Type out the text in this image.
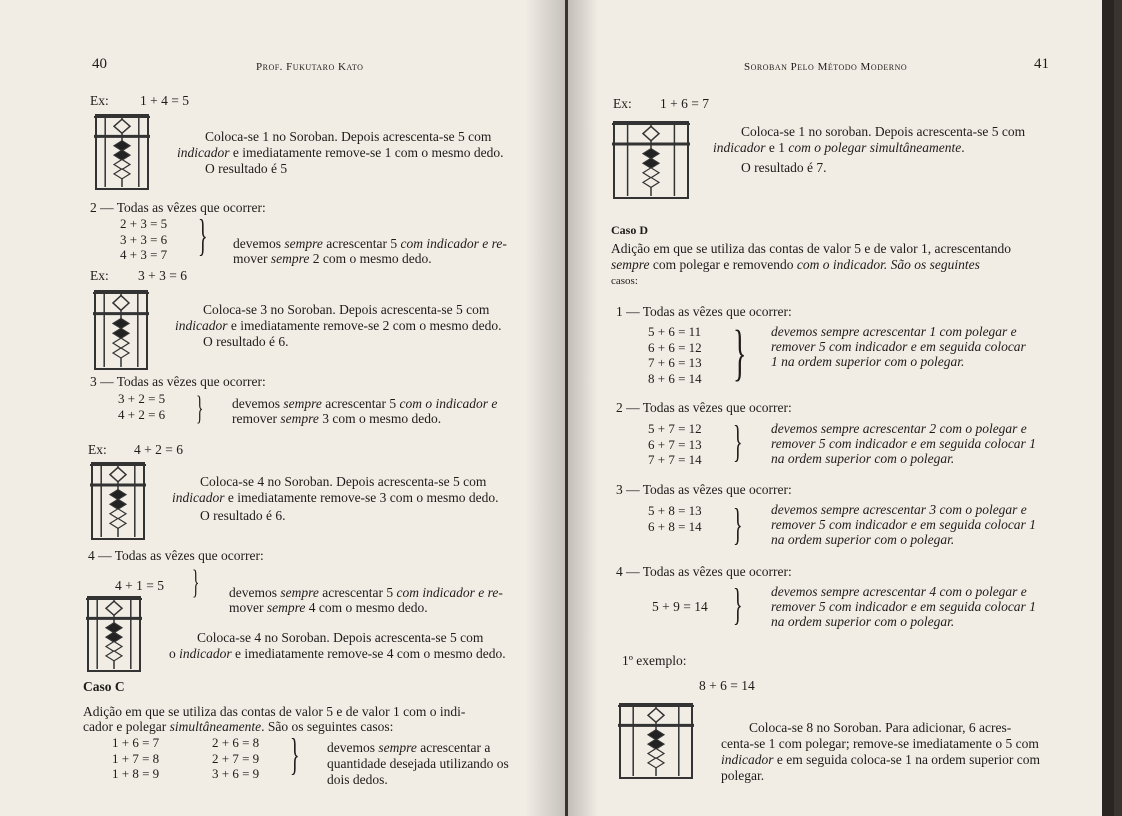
40	Prof. Fukutaro Kato
Ex: 1 + 4 = 5
Coloca-se 1 no Soroban. Depois acrescenta-se 5 com
indicador e imediatamente remove-se 1 com o mesmo dedo.
O resultado é 5
2 — Todas as vêzes que ocorrer:
2 + 3 = 5
3 + 3 = 6
4 + 3 = 7 } devemos sempre acrescentar 5 com indicador e re-
mover sempre 2 com o mesmo dedo.
Ex: 3 + 3 = 6
Coloca-se 3 no Soroban. Depois acrescenta-se 5 com
indicador e imediatamente remove-se 2 com o mesmo dedo.
O resultado é 6.
3 — Todas as vêzes que ocorrer:
3 + 2 = 5
4 + 2 = 6 } devemos sempre acrescentar 5 com o indicador e
remover sempre 3 com o mesmo dedo.
Ex: 4 + 2 = 6
Coloca-se 4 no Soroban. Depois acrescenta-se 5 com
indicador e imediatamente remove-se 3 com o mesmo dedo.
O resultado é 6.
4 — Todas as vêzes que ocorrer:
4 + 1 = 5 } devemos sempre acrescentar 5 com indicador e re-
mover sempre 4 com o mesmo dedo.
Coloca-se 4 no Soroban. Depois acrescenta-se 5 com
o indicador e imediatamente remove-se 4 com o mesmo dedo.
Caso C
Adição em que se utiliza das contas de valor 5 e de valor 1 com o indi-
cador e polegar simultâneamente. São os seguintes casos:
1 + 6 = 7
1 + 7 = 8
1 + 8 = 9
2 + 6 = 8
2 + 7 = 9
3 + 6 = 9 } devemos sempre acrescentar a
quantidade desejada utilizando os
dois dedos.
Soroban Pelo Método Moderno	41
Ex: 1 + 6 = 7
Coloca-se 1 no soroban. Depois acrescenta-se 5 com
indicador e 1 com o polegar simultâneamente.
O resultado é 7.
Caso D
Adição em que se utiliza das contas de valor 5 e de valor 1, acrescentando
sempre com polegar e removendo com o indicador. São os seguintes
casos:
1 — Todas as vêzes que ocorrer:
5 + 6 = 11
6 + 6 = 12
7 + 6 = 13
8 + 6 = 14 } devemos sempre acrescentar 1 com polegar e
remover 5 com indicador e em seguida colocar
1 na ordem superior com o polegar.
2 — Todas as vêzes que ocorrer:
5 + 7 = 12
6 + 7 = 13
7 + 7 = 14 } devemos sempre acrescentar 2 com o polegar e
remover 5 com indicador e em seguida colocar 1
na ordem superior com o polegar.
3 — Todas as vêzes que ocorrer:
5 + 8 = 13
6 + 8 = 14 } devemos sempre acrescentar 3 com o polegar e
remover 5 com indicador e em seguida colocar 1
na ordem superior com o polegar.
4 — Todas as vêzes que ocorrer:
5 + 9 = 14 } devemos sempre acrescentar 4 com o polegar e
remover 5 com indicador e em seguida colocar 1
na ordem superior com o polegar.
1º exemplo:
8 + 6 = 14
Coloca-se 8 no Soroban. Para adicionar, 6 acres-
centa-se 1 com polegar; remove-se imediatamente o 5 com
indicador e em seguida coloca-se 1 na ordem superior com
polegar.
